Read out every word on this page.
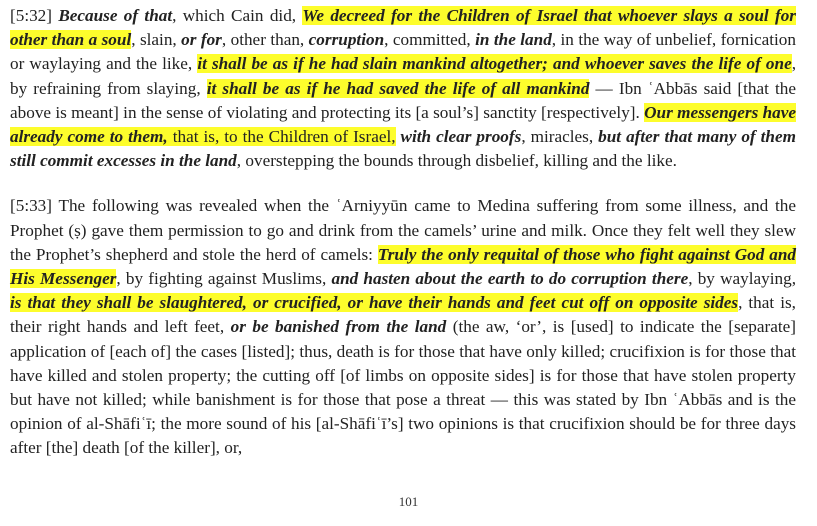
[5:32] Because of that, which Cain did, We decreed for the Children of Israel that whoever slays a soul for other than a soul, slain, or for, other than, corruption, committed, in the land, in the way of unbelief, fornication or waylaying and the like, it shall be as if he had slain mankind altogether; and whoever saves the life of one, by refraining from slaying, it shall be as if he had saved the life of all mankind — Ibn ʿAbbās said [that the above is meant] in the sense of violating and protecting its [a soul’s] sanctity [respectively]. Our messengers have already come to them, that is, to the Children of Israel, with clear proofs, miracles, but after that many of them still commit excesses in the land, overstepping the bounds through disbelief, killing and the like.

[5:33] The following was revealed when the ʿArniyyūn came to Medina suffering from some illness, and the Prophet (ṣ) gave them permission to go and drink from the camels’ urine and milk. Once they felt well they slew the Prophet’s shepherd and stole the herd of camels: Truly the only requital of those who fight against God and His Messenger, by fighting against Muslims, and hasten about the earth to do corruption there, by waylaying, is that they shall be slaughtered, or crucified, or have their hands and feet cut off on opposite sides, that is, their right hands and left feet, or be banished from the land (the aw, ‘or’, is [used] to indicate the [separate] application of [each of] the cases [listed]; thus, death is for those that have only killed; crucifixion is for those that have killed and stolen property; the cutting off [of limbs on opposite sides] is for those that have stolen property but have not killed; while banishment is for those that pose a threat — this was stated by Ibn ʿAbbās and is the opinion of al-Shāfiʿī; the more sound of his [al-Shāfiʿī’s] two opinions is that crucifixion should be for three days after [the] death [of the killer], or,

101
